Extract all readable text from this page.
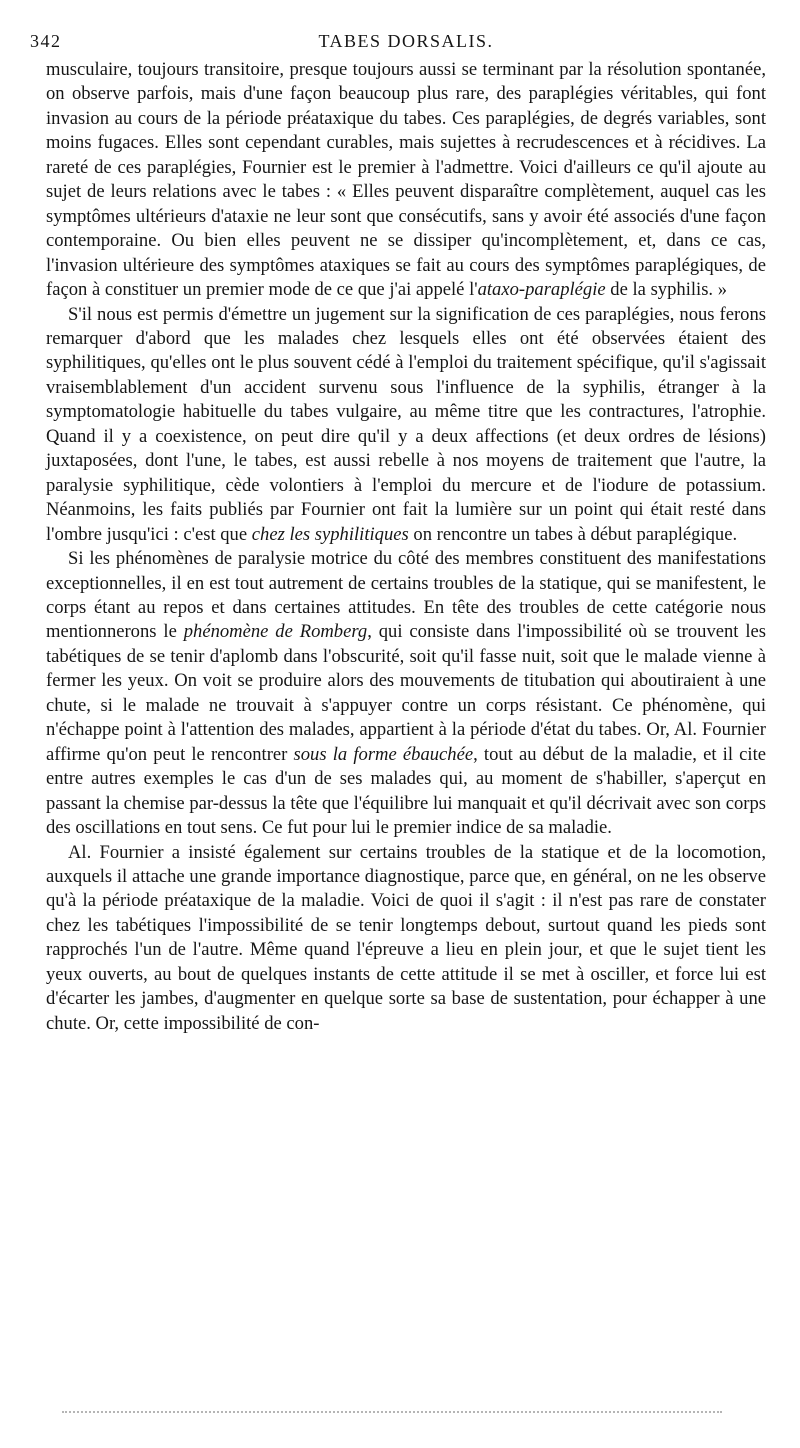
342	TABES DORSALIS.

musculaire, toujours transitoire, presque toujours aussi se terminant par la résolution spontanée, on observe parfois, mais d'une façon beaucoup plus rare, des paraplégies véritables, qui font invasion au cours de la période préataxique du tabes. Ces paraplégies, de degrés variables, sont moins fugaces. Elles sont cependant curables, mais sujettes à recrudescences et à récidives. La rareté de ces paraplégies, Fournier est le premier à l'admettre. Voici d'ailleurs ce qu'il ajoute au sujet de leurs relations avec le tabes : « Elles peuvent disparaître complètement, auquel cas les symptômes ultérieurs d'ataxie ne leur sont que consécutifs, sans y avoir été associés d'une façon contemporaine. Ou bien elles peuvent ne se dissiper qu'incomplètement, et, dans ce cas, l'invasion ultérieure des symptômes ataxiques se fait au cours des symptômes paraplégiques, de façon à constituer un premier mode de ce que j'ai appelé l'ataxo-paraplégie de la syphilis. »

S'il nous est permis d'émettre un jugement sur la signification de ces paraplégies, nous ferons remarquer d'abord que les malades chez lesquels elles ont été observées étaient des syphilitiques, qu'elles ont le plus souvent cédé à l'emploi du traitement spécifique, qu'il s'agissait vraisemblablement d'un accident survenu sous l'influence de la syphilis, étranger à la symptomatologie habituelle du tabes vulgaire, au même titre que les contractures, l'atrophie. Quand il y a coexistence, on peut dire qu'il y a deux affections (et deux ordres de lésions) juxtaposées, dont l'une, le tabes, est aussi rebelle à nos moyens de traitement que l'autre, la paralysie syphilitique, cède volontiers à l'emploi du mercure et de l'iodure de potassium. Néanmoins, les faits publiés par Fournier ont fait la lumière sur un point qui était resté dans l'ombre jusqu'ici : c'est que chez les syphilitiques on rencontre un tabes à début paraplégique.

Si les phénomènes de paralysie motrice du côté des membres constituent des manifestations exceptionnelles, il en est tout autrement de certains troubles de la statique, qui se manifestent, le corps étant au repos et dans certaines attitudes. En tête des troubles de cette catégorie nous mentionnerons le phénomène de Romberg, qui consiste dans l'impossibilité où se trouvent les tabétiques de se tenir d'aplomb dans l'obscurité, soit qu'il fasse nuit, soit que le malade vienne à fermer les yeux. On voit se produire alors des mouvements de titubation qui aboutiraient à une chute, si le malade ne trouvait à s'appuyer contre un corps résistant. Ce phénomène, qui n'échappe point à l'attention des malades, appartient à la période d'état du tabes. Or, Al. Fournier affirme qu'on peut le rencontrer sous la forme ébauchée, tout au début de la maladie, et il cite entre autres exemples le cas d'un de ses malades qui, au moment de s'habiller, s'aperçut en passant la chemise par-dessus la tête que l'équilibre lui manquait et qu'il décrivait avec son corps des oscillations en tout sens. Ce fut pour lui le premier indice de sa maladie.

Al. Fournier a insisté également sur certains troubles de la statique et de la locomotion, auxquels il attache une grande importance diagnostique, parce que, en général, on ne les observe qu'à la période préataxique de la maladie. Voici de quoi il s'agit : il n'est pas rare de constater chez les tabétiques l'impossibilité de se tenir longtemps debout, surtout quand les pieds sont rapprochés l'un de l'autre. Même quand l'épreuve a lieu en plein jour, et que le sujet tient les yeux ouverts, au bout de quelques instants de cette attitude il se met à osciller, et force lui est d'écarter les jambes, d'augmenter en quelque sorte sa base de sustentation, pour échapper à une chute. Or, cette impossibilité de con-
